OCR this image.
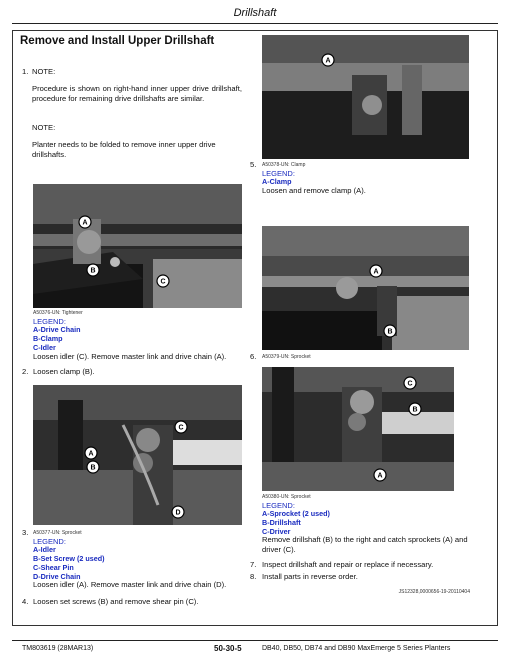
Drillshaft
Remove and Install Upper Drillshaft
1. NOTE:
Procedure is shown on right-hand inner upper drive drillshaft, procedure for remaining drive drillshafts are similar.
NOTE:
Planter needs to be folded to remove inner upper drive drillshafts.
A
B
C
A50376-UN: Tightener
LEGEND:
A-Drive Chain
B-Clamp
C-Idler
Loosen idler (C). Remove master link and drive chain (A).
2. Loosen clamp (B).
A
B
C
D
3. A50377-UN: Sprocket
LEGEND:
A-Idler
B-Set Screw (2 used)
C-Shear Pin
D-Drive Chain
Loosen idler (A). Remove master link and drive chain (D).
4. Loosen set screws (B) and remove shear pin (C).
A
5. A50378-UN: Clamp
LEGEND:
A-Clamp
Loosen and remove clamp (A).
A
B
6. A50379-UN: Sprocket
C
B
A
A50380-UN: Sprocket
LEGEND:
A-Sprocket (2 used)
B-Drillshaft
C-Driver
Remove drillshaft (B) to the right and catch sprockets (A) and driver (C).
7. Inspect drillshaft and repair or replace if necessary.
8. Install parts in reverse order.
JS12328,0000656-19-20110404
TM803619 (28MAR13)	50-30-5	DB40, DB50, DB74 and DB90 MaxEmerge 5 Series Planters
